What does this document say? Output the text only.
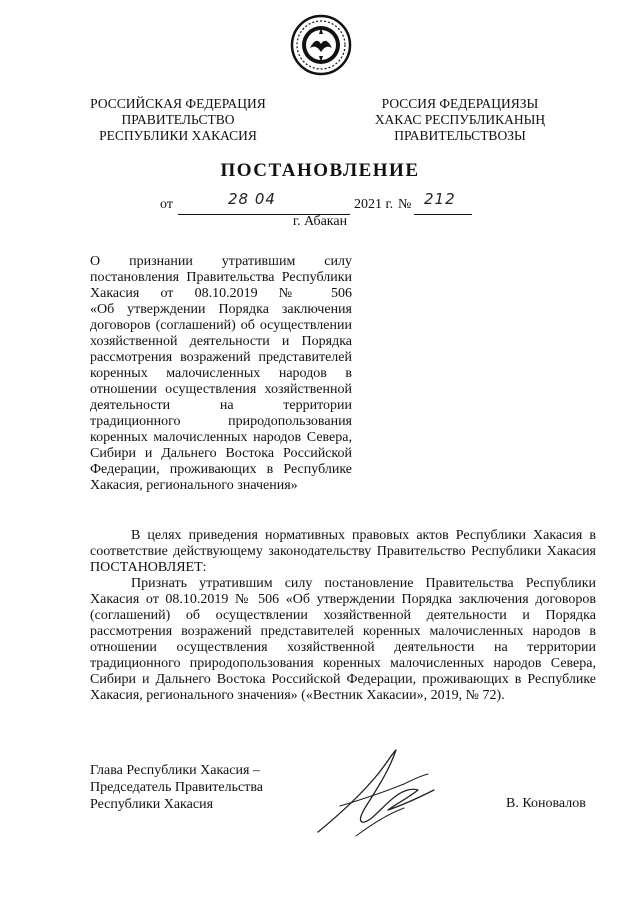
РОССИЙСКАЯ ФЕДЕРАЦИЯ
ПРАВИТЕЛЬСТВО
РЕСПУБЛИКИ ХАКАСИЯ
РОССИЯ ФЕДЕРАЦИЯЗЫ
ХАКАС РЕСПУБЛИКАНЫҢ
ПРАВИТЕЛЬСТВОЗЫ
ПОСТАНОВЛЕНИЕ
от	28 04	2021 г. № 212
г. Абакан
О признании утратившим силу
постановления Правительства Республики
Хакасия от 08.10.2019 № 506
«Об утверждении Порядка заключения
договоров (соглашений) об осуществлении
хозяйственной деятельности и Порядка
рассмотрения возражений представителей
коренных малочисленных народов в
отношении осуществления хозяйственной
деятельности на территории
традиционного природопользования
коренных малочисленных народов Севера,
Сибири и Дальнего Востока Российской
Федерации, проживающих в Республике
Хакасия, регионального значения»
В целях приведения нормативных правовых актов Республики Хакасия в
соответствие действующему законодательству Правительство Республики Хакасия
ПОСТАНОВЛЯЕТ:
Признать утратившим силу постановление Правительства Республики
Хакасия от 08.10.2019 № 506 «Об утверждении Порядка заключения договоров
(соглашений) об осуществлении хозяйственной деятельности и Порядка
рассмотрения возражений представителей коренных малочисленных народов в
отношении осуществления хозяйственной деятельности на территории
традиционного природопользования коренных малочисленных народов Севера,
Сибири и Дальнего Востока Российской Федерации, проживающих в Республике
Хакасия, регионального значения» («Вестник Хакасии», 2019, № 72).
Глава Республики Хакасия –
Председатель Правительства
Республики Хакасия	В. Коновалов
